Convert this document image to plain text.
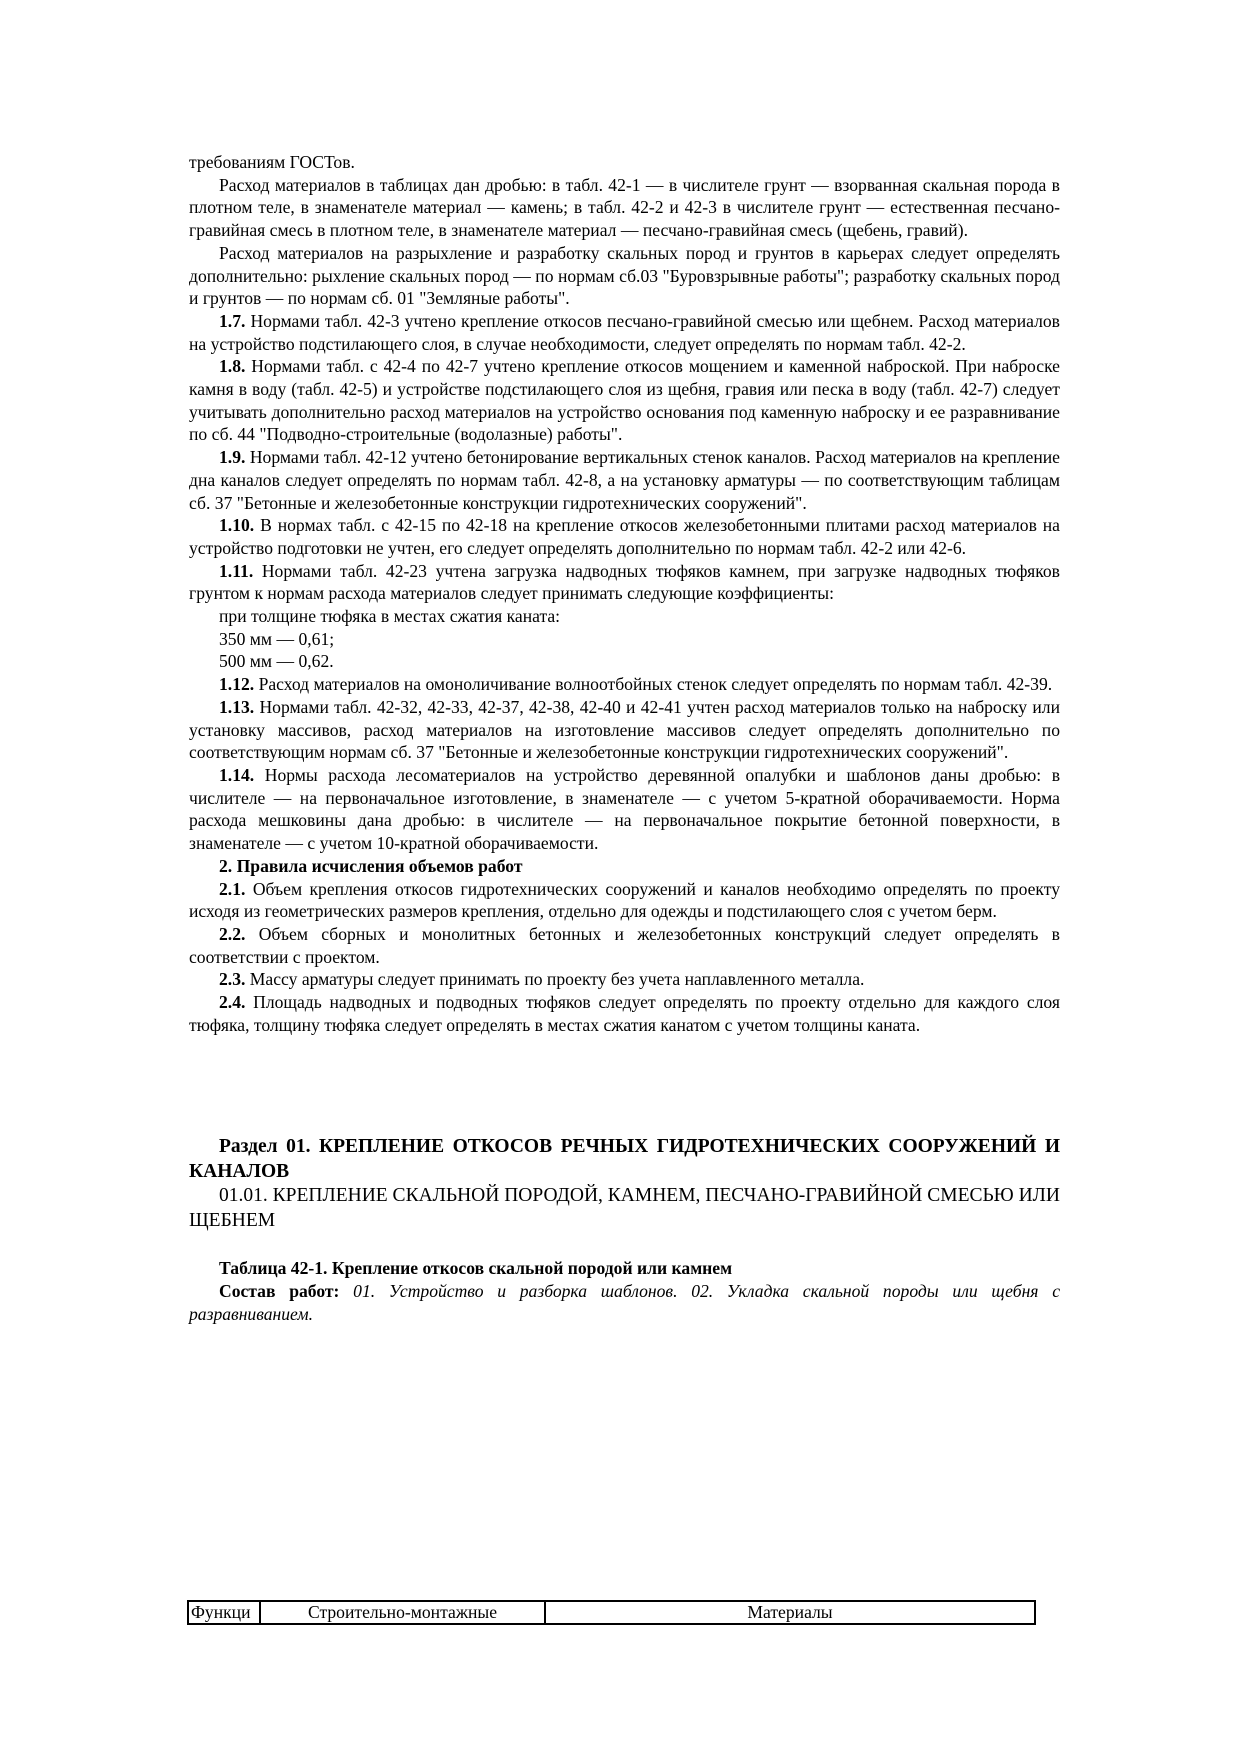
требованиям ГОСТов.

Расход материалов в таблицах дан дробью: в табл. 42-1 — в числителе грунт — взорванная скальная порода в плотном теле, в знаменателе материал — камень; в табл. 42-2 и 42-3 в числителе грунт — естественная песчано-гравийная смесь в плотном теле, в знаменателе материал — песчано-гравийная смесь (щебень, гравий).

Расход материалов на разрыхление и разработку скальных пород и грунтов в карьерах следует определять дополнительно: рыхление скальных пород — по нормам сб.03 "Буровзрывные работы"; разработку скальных пород и грунтов — по нормам сб. 01 "Земляные работы".

1.7. Нормами табл. 42-3 учтено крепление откосов песчано-гравийной смесью или щебнем. Расход материалов на устройство подстилающего слоя, в случае необходимости, следует определять по нормам табл. 42-2.

1.8. Нормами табл. с 42-4 по 42-7 учтено крепление откосов мощением и каменной наброской. При наброске камня в воду (табл. 42-5) и устройстве подстилающего слоя из щебня, гравия или песка в воду (табл. 42-7) следует учитывать дополнительно расход материалов на устройство основания под каменную наброску и ее разравнивание по сб. 44 "Подводно-строительные (водолазные) работы".

1.9. Нормами табл. 42-12 учтено бетонирование вертикальных стенок каналов. Расход материалов на крепление дна каналов следует определять по нормам табл. 42-8, а на установку арматуры — по соответствующим таблицам сб. 37 "Бетонные и железобетонные конструкции гидротехнических сооружений".

1.10. В нормах табл. с 42-15 по 42-18 на крепление откосов железобетонными плитами расход материалов на устройство подготовки не учтен, его следует определять дополнительно по нормам табл. 42-2 или 42-6.

1.11. Нормами табл. 42-23 учтена загрузка надводных тюфяков камнем, при загрузке надводных тюфяков грунтом к нормам расхода материалов следует принимать следующие коэффициенты:

при толщине тюфяка в местах сжатия каната:

350 мм — 0,61;

500 мм — 0,62.

1.12. Расход материалов на омоноличивание волноотбойных стенок следует определять по нормам табл. 42-39.

1.13. Нормами табл. 42-32, 42-33, 42-37, 42-38, 42-40 и 42-41 учтен расход материалов только на наброску или установку массивов, расход материалов на изготовление массивов следует определять дополнительно по соответствующим нормам сб. 37 "Бетонные и железобетонные конструкции гидротехнических сооружений".

1.14. Нормы расхода лесоматериалов на устройство деревянной опалубки и шаблонов даны дробью: в числителе — на первоначальное изготовление, в знаменателе — с учетом 5-кратной оборачиваемости. Норма расхода мешковины дана дробью: в числителе — на первоначальное покрытие бетонной поверхности, в знаменателе — с учетом 10-кратной оборачиваемости.

2. Правила исчисления объемов работ

2.1. Объем крепления откосов гидротехнических сооружений и каналов необходимо определять по проекту исходя из геометрических размеров крепления, отдельно для одежды и подстилающего слоя с учетом берм.

2.2. Объем сборных и монолитных бетонных и железобетонных конструкций следует определять в соответствии с проектом.

2.3. Массу арматуры следует принимать по проекту без учета наплавленного металла.

2.4. Площадь надводных и подводных тюфяков следует определять по проекту отдельно для каждого слоя тюфяка, толщину тюфяка следует определять в местах сжатия канатом с учетом толщины каната.

Раздел 01. КРЕПЛЕНИЕ ОТКОСОВ РЕЧНЫХ ГИДРОТЕХНИЧЕСКИХ СООРУЖЕНИЙ И КАНАЛОВ

01.01. КРЕПЛЕНИЕ СКАЛЬНОЙ ПОРОДОЙ, КАМНЕМ, ПЕСЧАНО-ГРАВИЙНОЙ СМЕСЬЮ ИЛИ ЩЕБНЕМ

Таблица 42-1. Крепление откосов скальной породой или камнем

Состав работ: 01. Устройство и разборка шаблонов. 02. Укладка скальной породы или щебня с разравниванием.

Функци	Строительно-монтажные	Материалы
